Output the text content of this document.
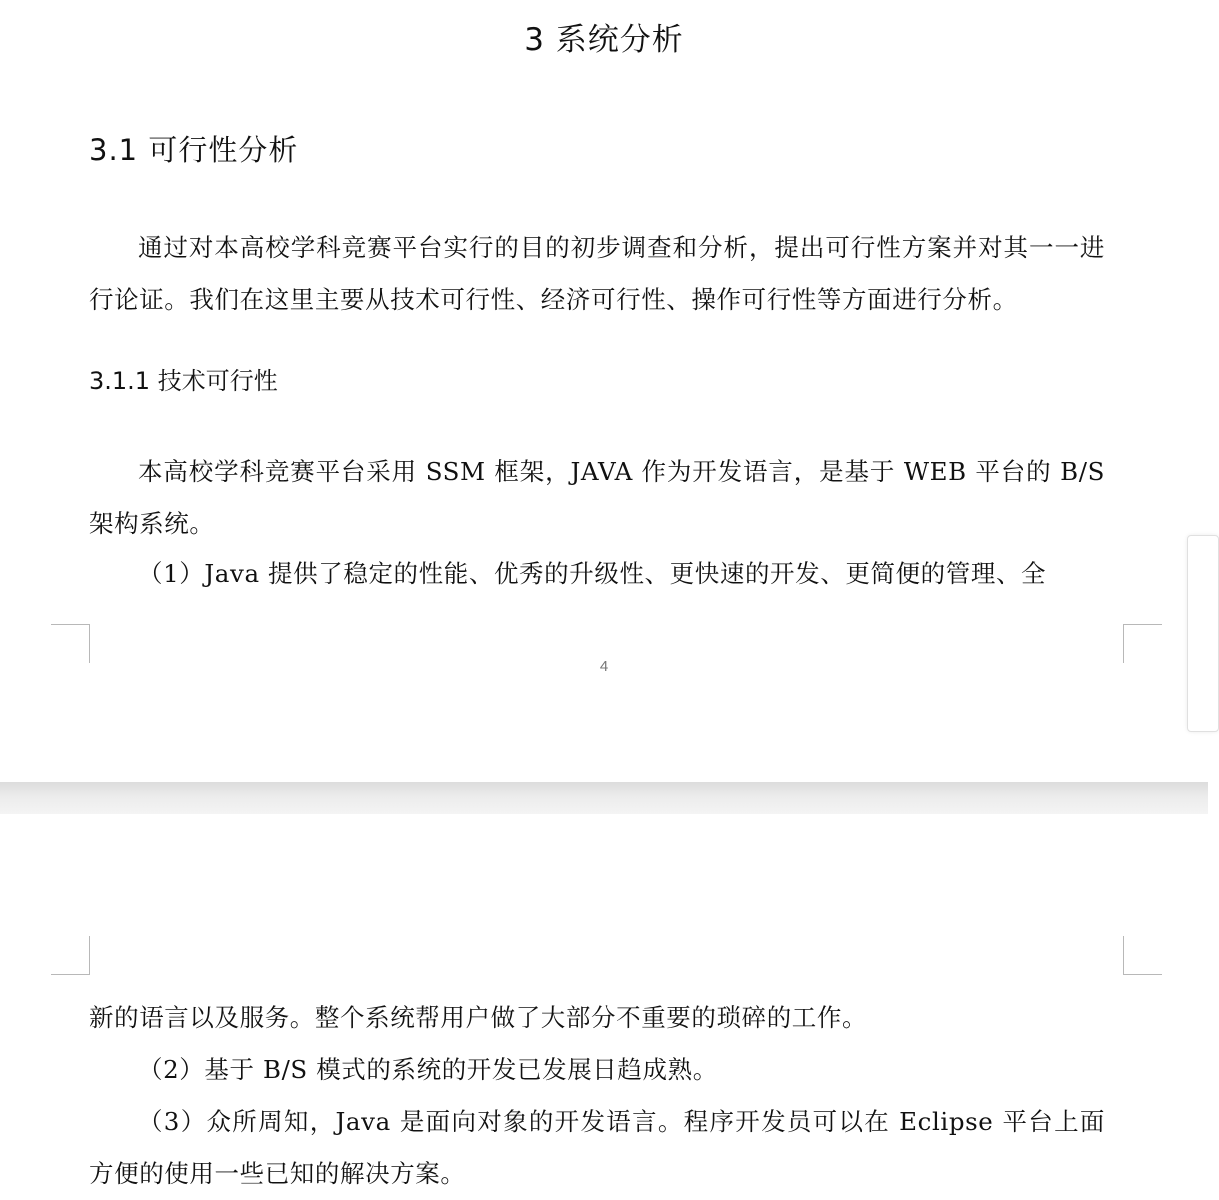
3 系统分析
3.1 可行性分析

通过对本高校学科竞赛平台实行的目的初步调查和分析，提出可行性方案并对其一一进行论证。我们在这里主要从技术可行性、经济可行性、操作可行性等方面进行分析。

3.1.1 技术可行性

本高校学科竞赛平台采用 SSM 框架，JAVA 作为开发语言，是基于 WEB 平台的 B/S 架构系统。

（1）Java 提供了稳定的性能、优秀的升级性、更快速的开发、更简便的管理、全

4

新的语言以及服务。整个系统帮用户做了大部分不重要的琐碎的工作。

（2）基于 B/S 模式的系统的开发已发展日趋成熟。

（3）众所周知，Java 是面向对象的开发语言。程序开发员可以在 Eclipse 平台上面方便的使用一些已知的解决方案。
